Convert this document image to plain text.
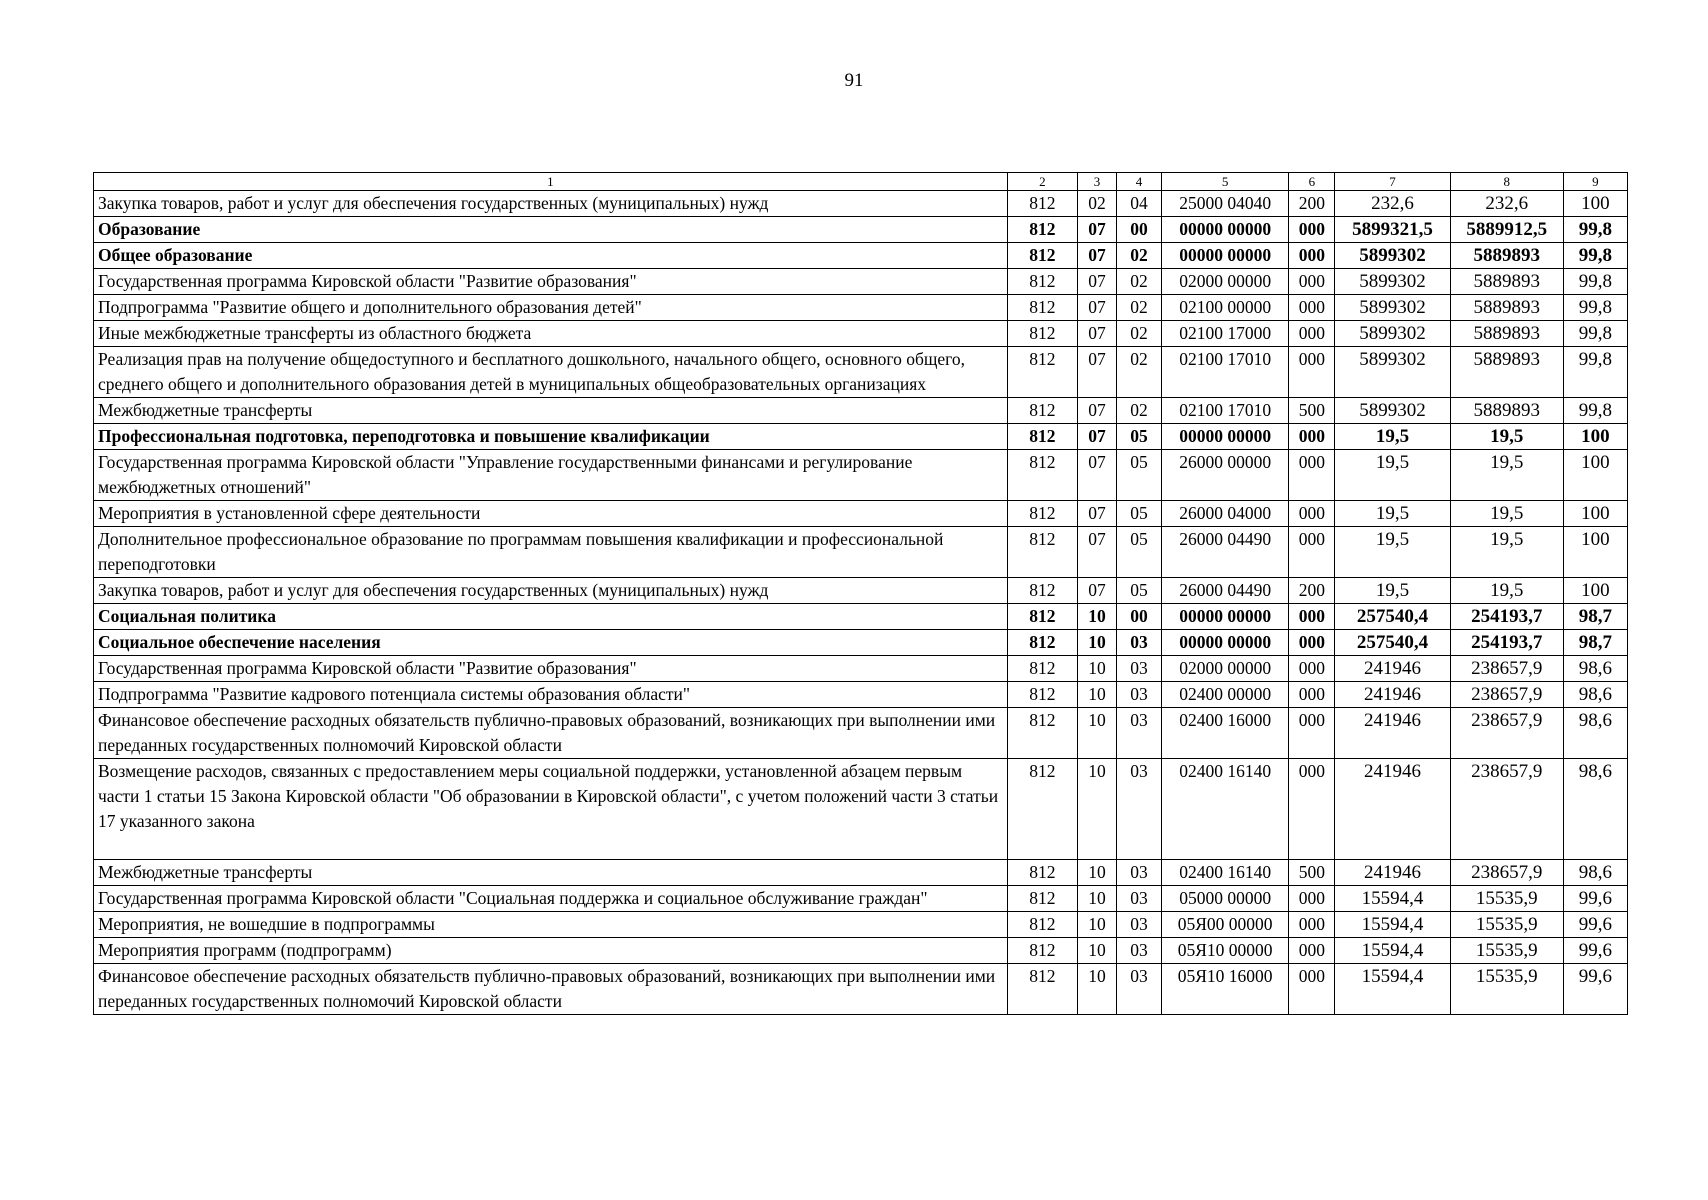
91
1	2	3	4	5	6	7	8	9
Закупка товаров, работ и услуг для обеспечения государственных (муниципальных) нужд	812	02	04	25000 04040	200	232,6	232,6	100
Образование	812	07	00	00000 00000	000	5899321,5	5889912,5	99,8
Общее образование	812	07	02	00000 00000	000	5899302	5889893	99,8
Государственная программа Кировской области "Развитие образования"	812	07	02	02000 00000	000	5899302	5889893	99,8
Подпрограмма "Развитие общего и дополнительного образования детей"	812	07	02	02100 00000	000	5899302	5889893	99,8
Иные межбюджетные трансферты из областного бюджета	812	07	02	02100 17000	000	5899302	5889893	99,8
Реализация прав на получение общедоступного и бесплатного дошкольного, начального общего, основного общего, среднего общего и дополнительного образования детей в муниципальных общеобразовательных организациях	812	07	02	02100 17010	000	5899302	5889893	99,8
Межбюджетные трансферты	812	07	02	02100 17010	500	5899302	5889893	99,8
Профессиональная подготовка, переподготовка и повышение квалификации	812	07	05	00000 00000	000	19,5	19,5	100
Государственная программа Кировской области "Управление государственными финансами и регулирование межбюджетных отношений"	812	07	05	26000 00000	000	19,5	19,5	100
Мероприятия в установленной сфере деятельности	812	07	05	26000 04000	000	19,5	19,5	100
Дополнительное профессиональное образование по программам повышения квалификации и профессиональной переподготовки	812	07	05	26000 04490	000	19,5	19,5	100
Закупка товаров, работ и услуг для обеспечения государственных (муниципальных) нужд	812	07	05	26000 04490	200	19,5	19,5	100
Социальная политика	812	10	00	00000 00000	000	257540,4	254193,7	98,7
Социальное обеспечение населения	812	10	03	00000 00000	000	257540,4	254193,7	98,7
Государственная программа Кировской области "Развитие образования"	812	10	03	02000 00000	000	241946	238657,9	98,6
Подпрограмма "Развитие кадрового потенциала системы образования области"	812	10	03	02400 00000	000	241946	238657,9	98,6
Финансовое обеспечение расходных обязательств публично-правовых образований, возникающих при выполнении ими переданных государственных полномочий Кировской области	812	10	03	02400 16000	000	241946	238657,9	98,6
Возмещение расходов, связанных с предоставлением меры социальной поддержки, установленной абзацем первым части 1 статьи 15 Закона Кировской области "Об образовании в Кировской области", с учетом положений части 3 статьи 17 указанного закона	812	10	03	02400 16140	000	241946	238657,9	98,6
Межбюджетные трансферты	812	10	03	02400 16140	500	241946	238657,9	98,6
Государственная программа Кировской области "Социальная поддержка и социальное обслуживание граждан"	812	10	03	05000 00000	000	15594,4	15535,9	99,6
Мероприятия, не вошедшие в подпрограммы	812	10	03	05Я00 00000	000	15594,4	15535,9	99,6
Мероприятия программ (подпрограмм)	812	10	03	05Я10 00000	000	15594,4	15535,9	99,6
Финансовое обеспечение расходных обязательств публично-правовых образований, возникающих при выполнении ими переданных государственных полномочий Кировской области	812	10	03	05Я10 16000	000	15594,4	15535,9	99,6
